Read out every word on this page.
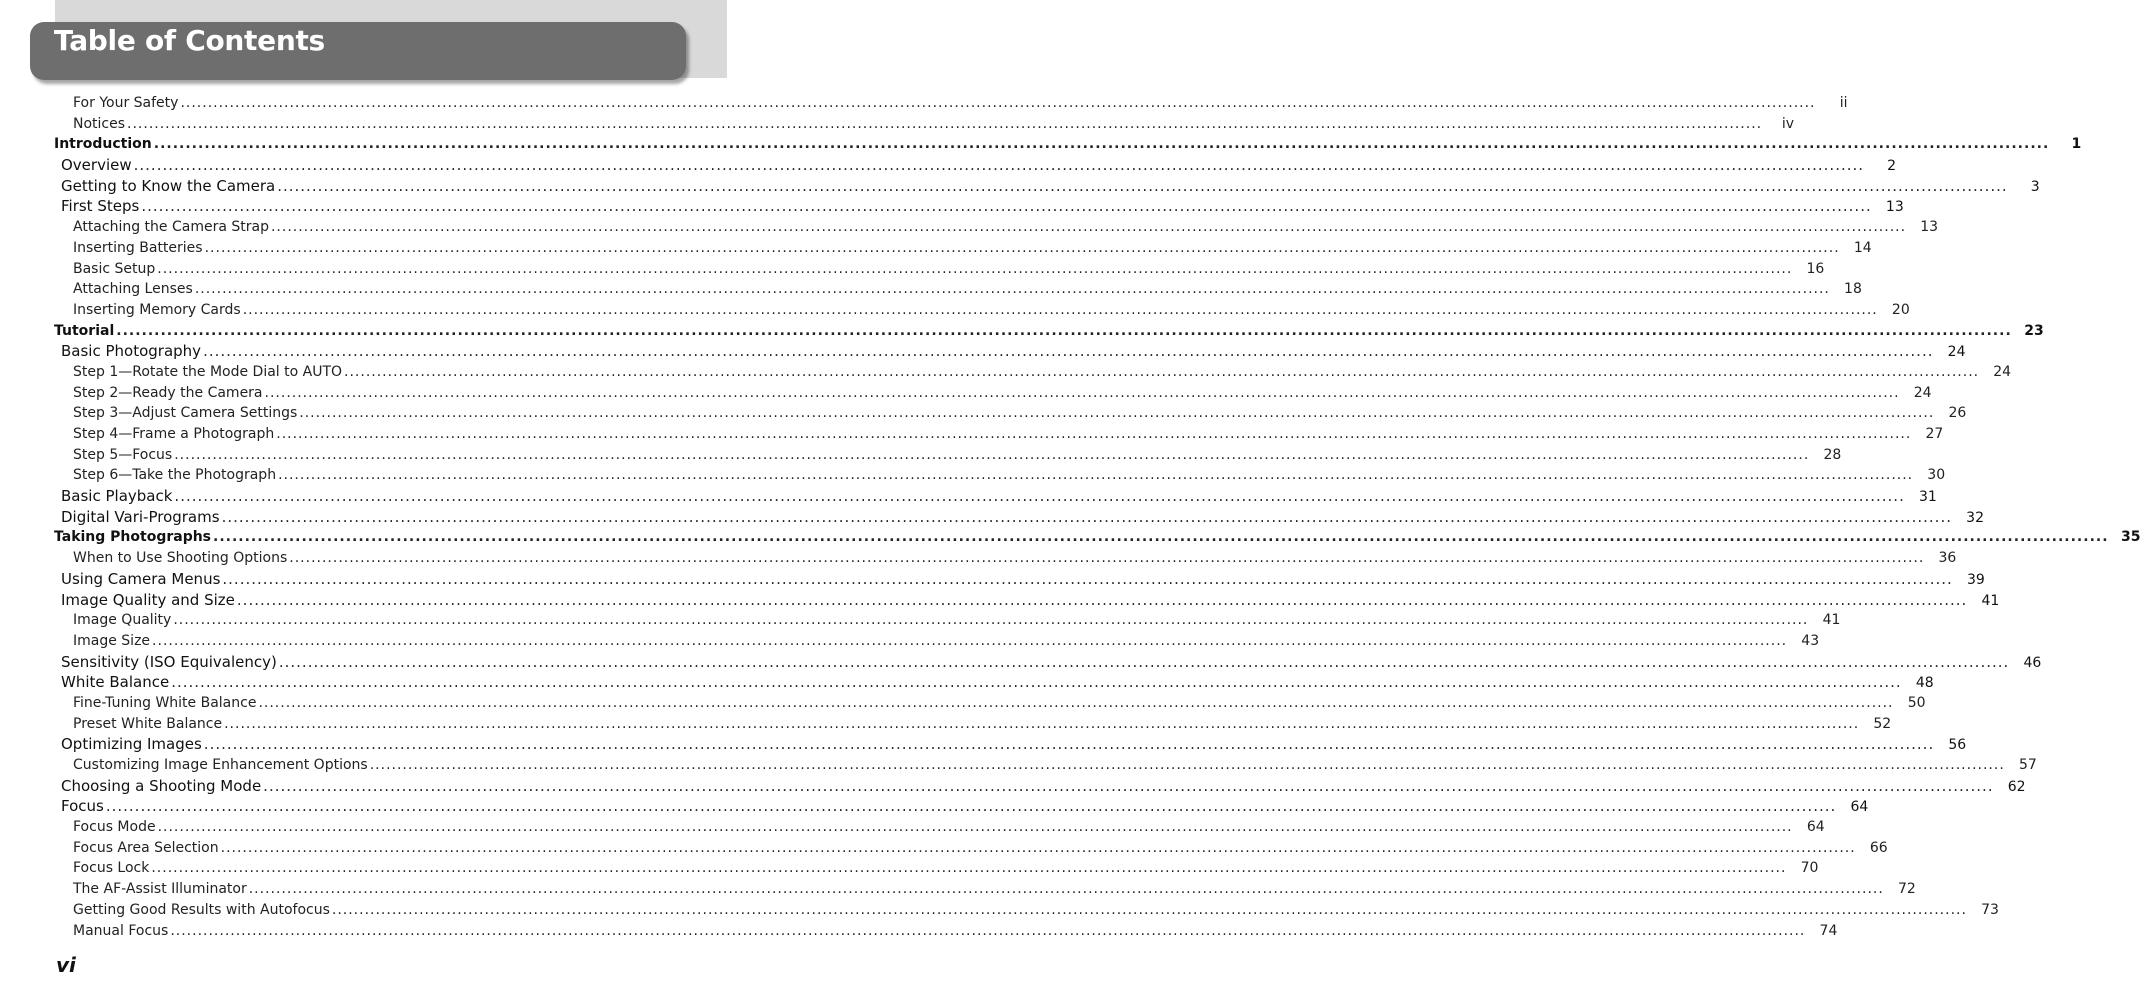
Table of Contents
For Your Safety ............................................................................................................................................................................................................................................................................................................	ii
Notices ............................................................................................................................................................................................................................................................................................................	iv
Introduction ............................................................................................................................................................................................................................................................................................................	1
Overview ............................................................................................................................................................................................................................................................................................................	2
Getting to Know the Camera ............................................................................................................................................................................................................................................................................................................	3
First Steps ............................................................................................................................................................................................................................................................................................................	13
Attaching the Camera Strap ............................................................................................................................................................................................................................................................................................................	13
Inserting Batteries ............................................................................................................................................................................................................................................................................................................	14
Basic Setup ............................................................................................................................................................................................................................................................................................................	16
Attaching Lenses ............................................................................................................................................................................................................................................................................................................	18
Inserting Memory Cards ............................................................................................................................................................................................................................................................................................................	20
Tutorial ............................................................................................................................................................................................................................................................................................................ 23
Basic Photography ............................................................................................................................................................................................................................................................................................................	24
Step 1—Rotate the Mode Dial to AUTO ............................................................................................................................................................................................................................................................................................................	24
Step 2—Ready the Camera ............................................................................................................................................................................................................................................................................................................	24
Step 3—Adjust Camera Settings ............................................................................................................................................................................................................................................................................................................	26
Step 4—Frame a Photograph ............................................................................................................................................................................................................................................................................................................	27
Step 5—Focus ............................................................................................................................................................................................................................................................................................................	28
Step 6—Take the Photograph ............................................................................................................................................................................................................................................................................................................	30
Basic Playback ............................................................................................................................................................................................................................................................................................................	31
Digital Vari-Programs ............................................................................................................................................................................................................................................................................................................	32
Taking Photographs ............................................................................................................................................................................................................................................................................................................ 35
When to Use Shooting Options ............................................................................................................................................................................................................................................................................................................	36
Using Camera Menus ............................................................................................................................................................................................................................................................................................................	39
Image Quality and Size ............................................................................................................................................................................................................................................................................................................	41
Image Quality ............................................................................................................................................................................................................................................................................................................	41
Image Size ............................................................................................................................................................................................................................................................................................................	43
Sensitivity (ISO Equivalency) ............................................................................................................................................................................................................................................................................................................	46
White Balance ............................................................................................................................................................................................................................................................................................................	48
Fine-Tuning White Balance ............................................................................................................................................................................................................................................................................................................	50
Preset White Balance ............................................................................................................................................................................................................................................................................................................	52
Optimizing Images ............................................................................................................................................................................................................................................................................................................	56
Customizing Image Enhancement Options ............................................................................................................................................................................................................................................................................................................	57
Choosing a Shooting Mode ............................................................................................................................................................................................................................................................................................................	62
Focus ............................................................................................................................................................................................................................................................................................................	64
Focus Mode ............................................................................................................................................................................................................................................................................................................	64
Focus Area Selection ............................................................................................................................................................................................................................................................................................................	66
Focus Lock ............................................................................................................................................................................................................................................................................................................	70
The AF-Assist Illuminator ............................................................................................................................................................................................................................................................................................................	72
Getting Good Results with Autofocus ............................................................................................................................................................................................................................................................................................................	73
Manual Focus ............................................................................................................................................................................................................................................................................................................	74
vi
